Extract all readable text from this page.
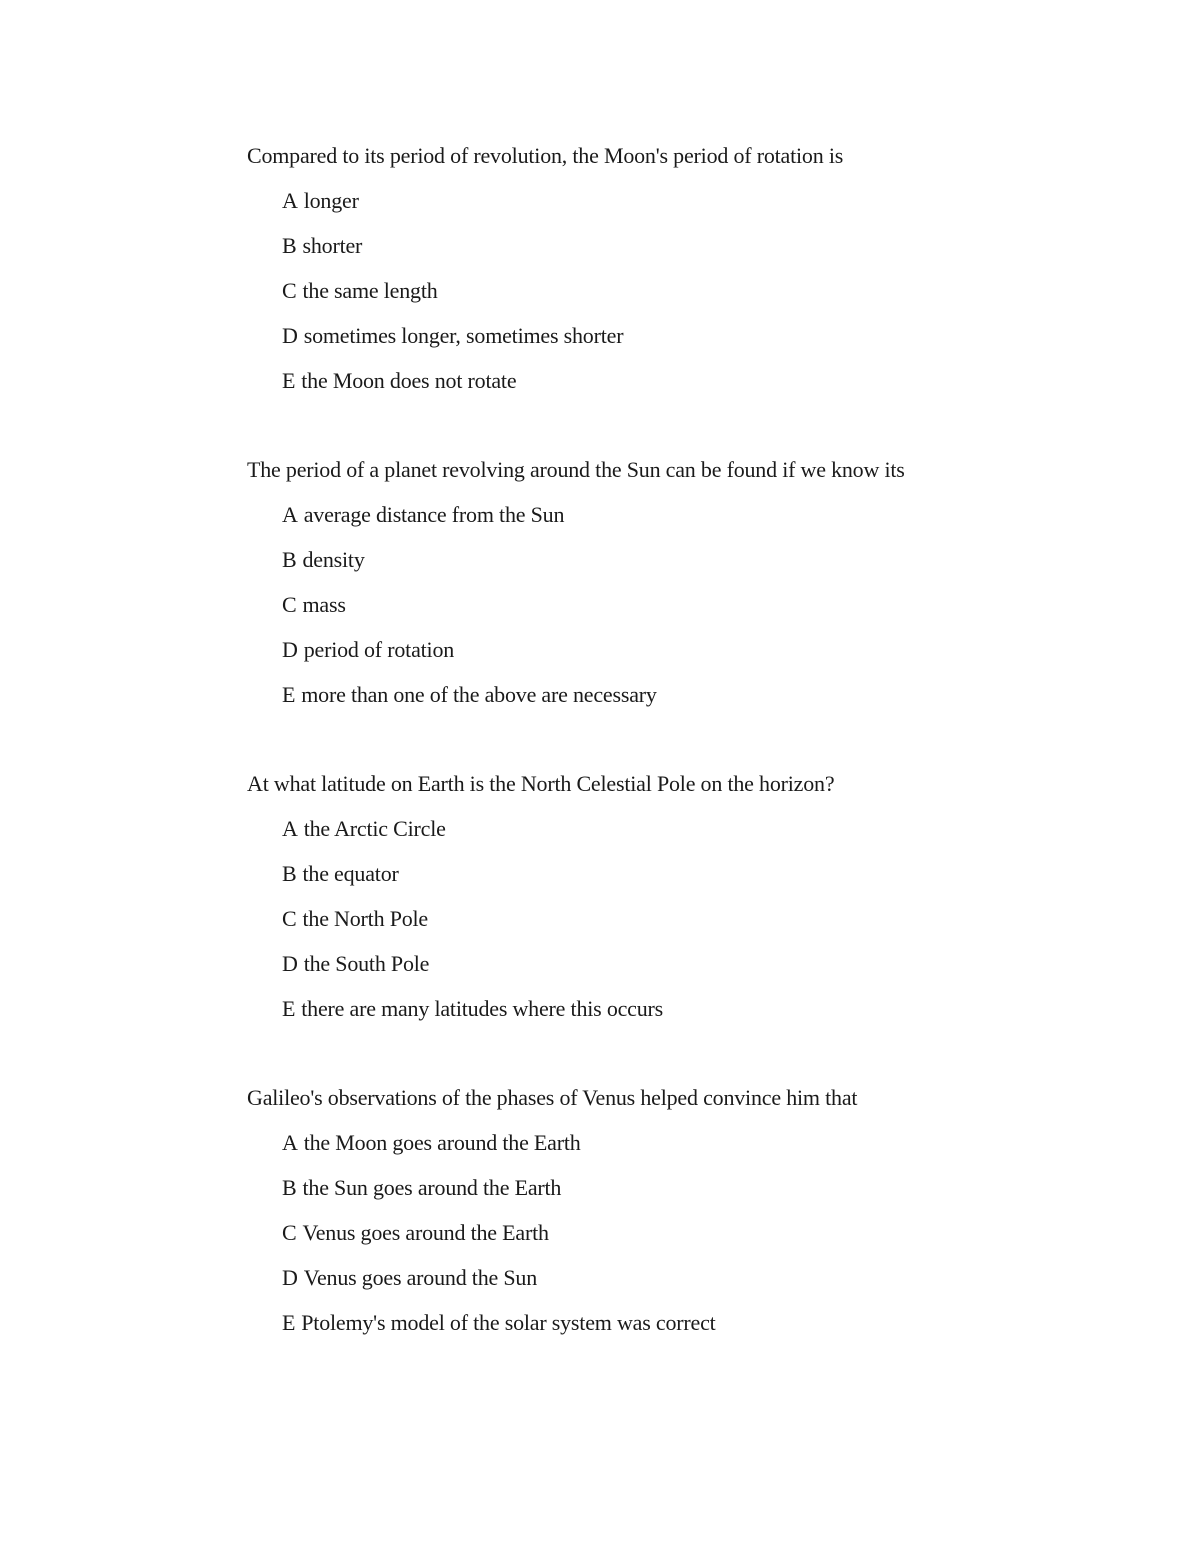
Compared to its period of revolution, the Moon's period of rotation is
A longer
B shorter
C the same length
D sometimes longer, sometimes shorter
E the Moon does not rotate
The period of a planet revolving around the Sun can be found if we know its
A average distance from the Sun
B density
C mass
D period of rotation
E more than one of the above are necessary
At what latitude on Earth is the North Celestial Pole on the horizon?
A the Arctic Circle
B the equator
C the North Pole
D the South Pole
E there are many latitudes where this occurs
Galileo's observations of the phases of Venus helped convince him that
A the Moon goes around the Earth
B the Sun goes around the Earth
C Venus goes around the Earth
D Venus goes around the Sun
E Ptolemy's model of the solar system was correct
